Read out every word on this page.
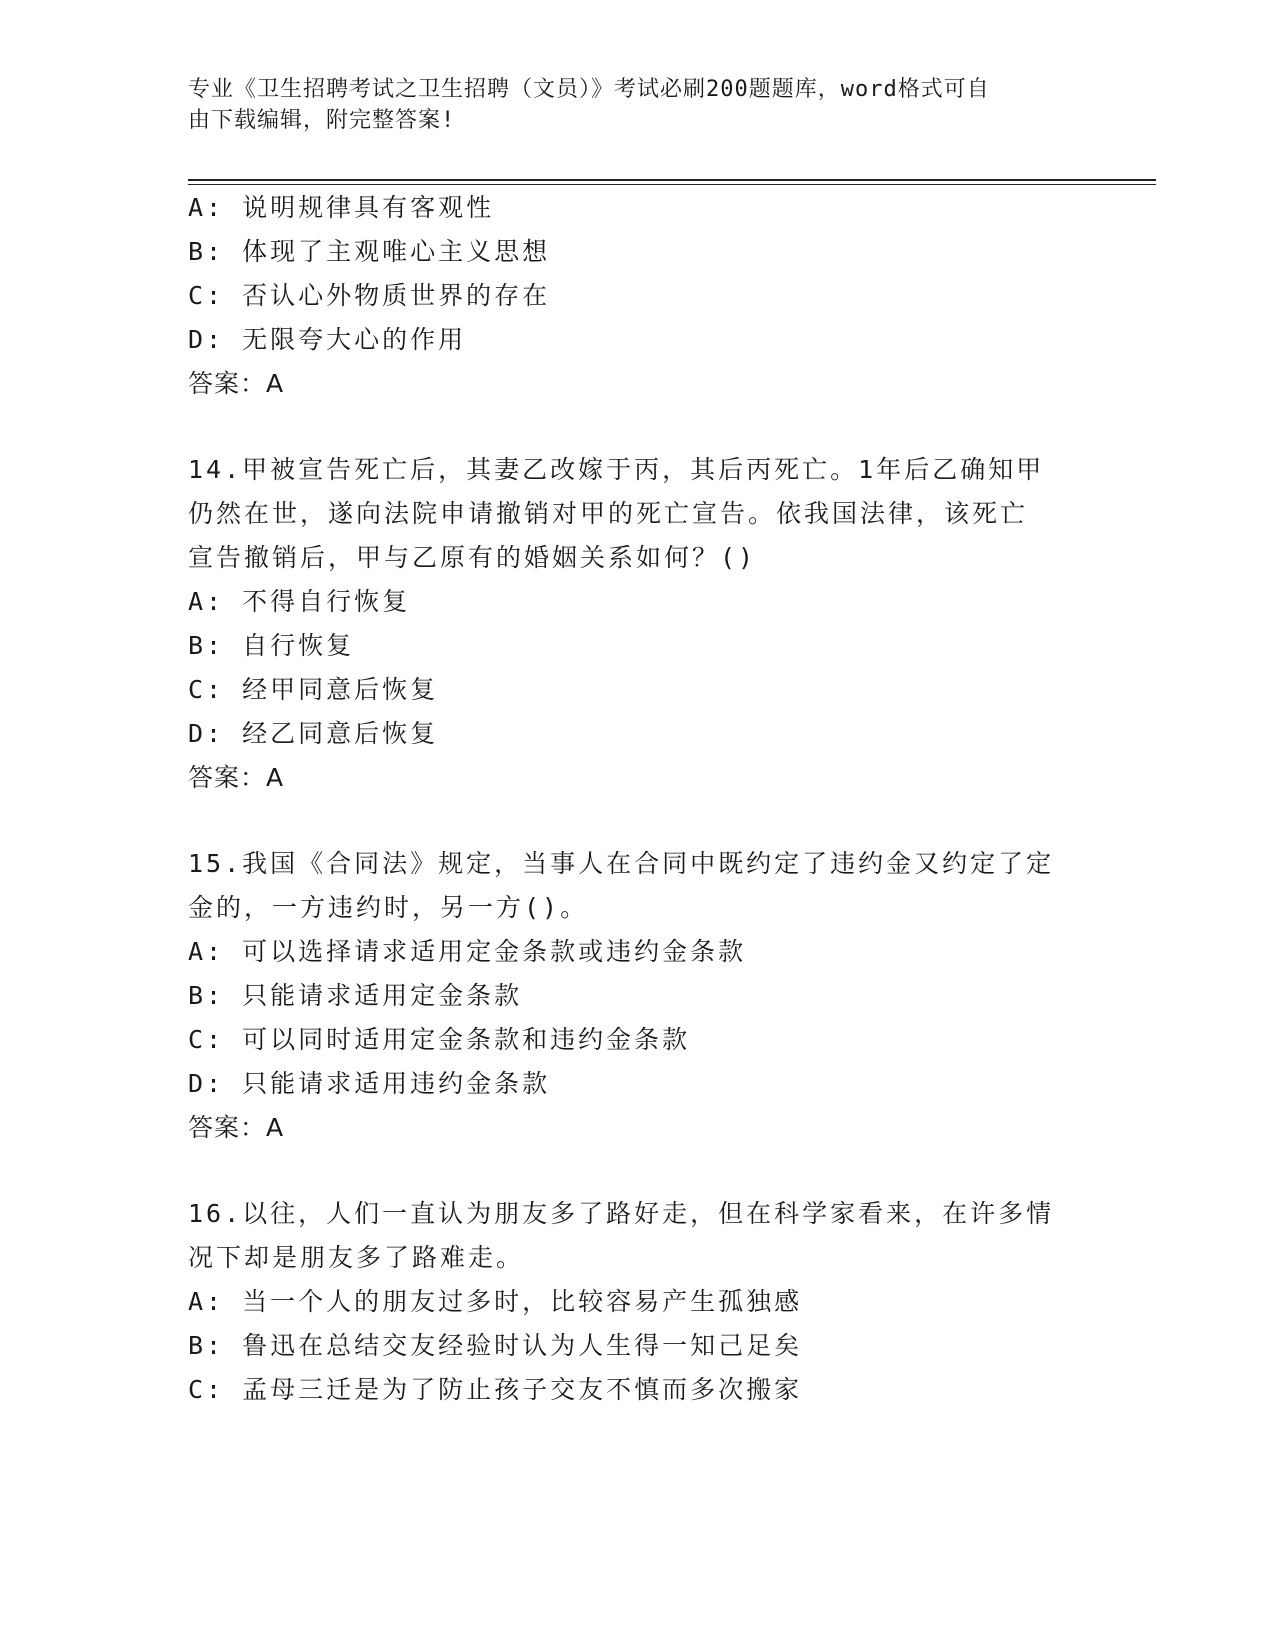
专业《卫生招聘考试之卫生招聘（文员）》考试必刷200题题库，word格式可自
由下载编辑，附完整答案!
A: 说明规律具有客观性
B: 体现了主观唯心主义思想
C: 否认心外物质世界的存在
D: 无限夸大心的作用
答案：A
14.甲被宣告死亡后，其妻乙改嫁于丙，其后丙死亡。1年后乙确知甲
仍然在世，遂向法院申请撤销对甲的死亡宣告。依我国法律，该死亡
宣告撤销后，甲与乙原有的婚姻关系如何？()
A: 不得自行恢复
B: 自行恢复
C: 经甲同意后恢复
D: 经乙同意后恢复
答案：A
15.我国《合同法》规定，当事人在合同中既约定了违约金又约定了定
金的，一方违约时，另一方()。
A: 可以选择请求适用定金条款或违约金条款
B: 只能请求适用定金条款
C: 可以同时适用定金条款和违约金条款
D: 只能请求适用违约金条款
答案：A
16.以往，人们一直认为朋友多了路好走，但在科学家看来，在许多情
况下却是朋友多了路难走。
A: 当一个人的朋友过多时，比较容易产生孤独感
B: 鲁迅在总结交友经验时认为人生得一知己足矣
C: 孟母三迁是为了防止孩子交友不慎而多次搬家
